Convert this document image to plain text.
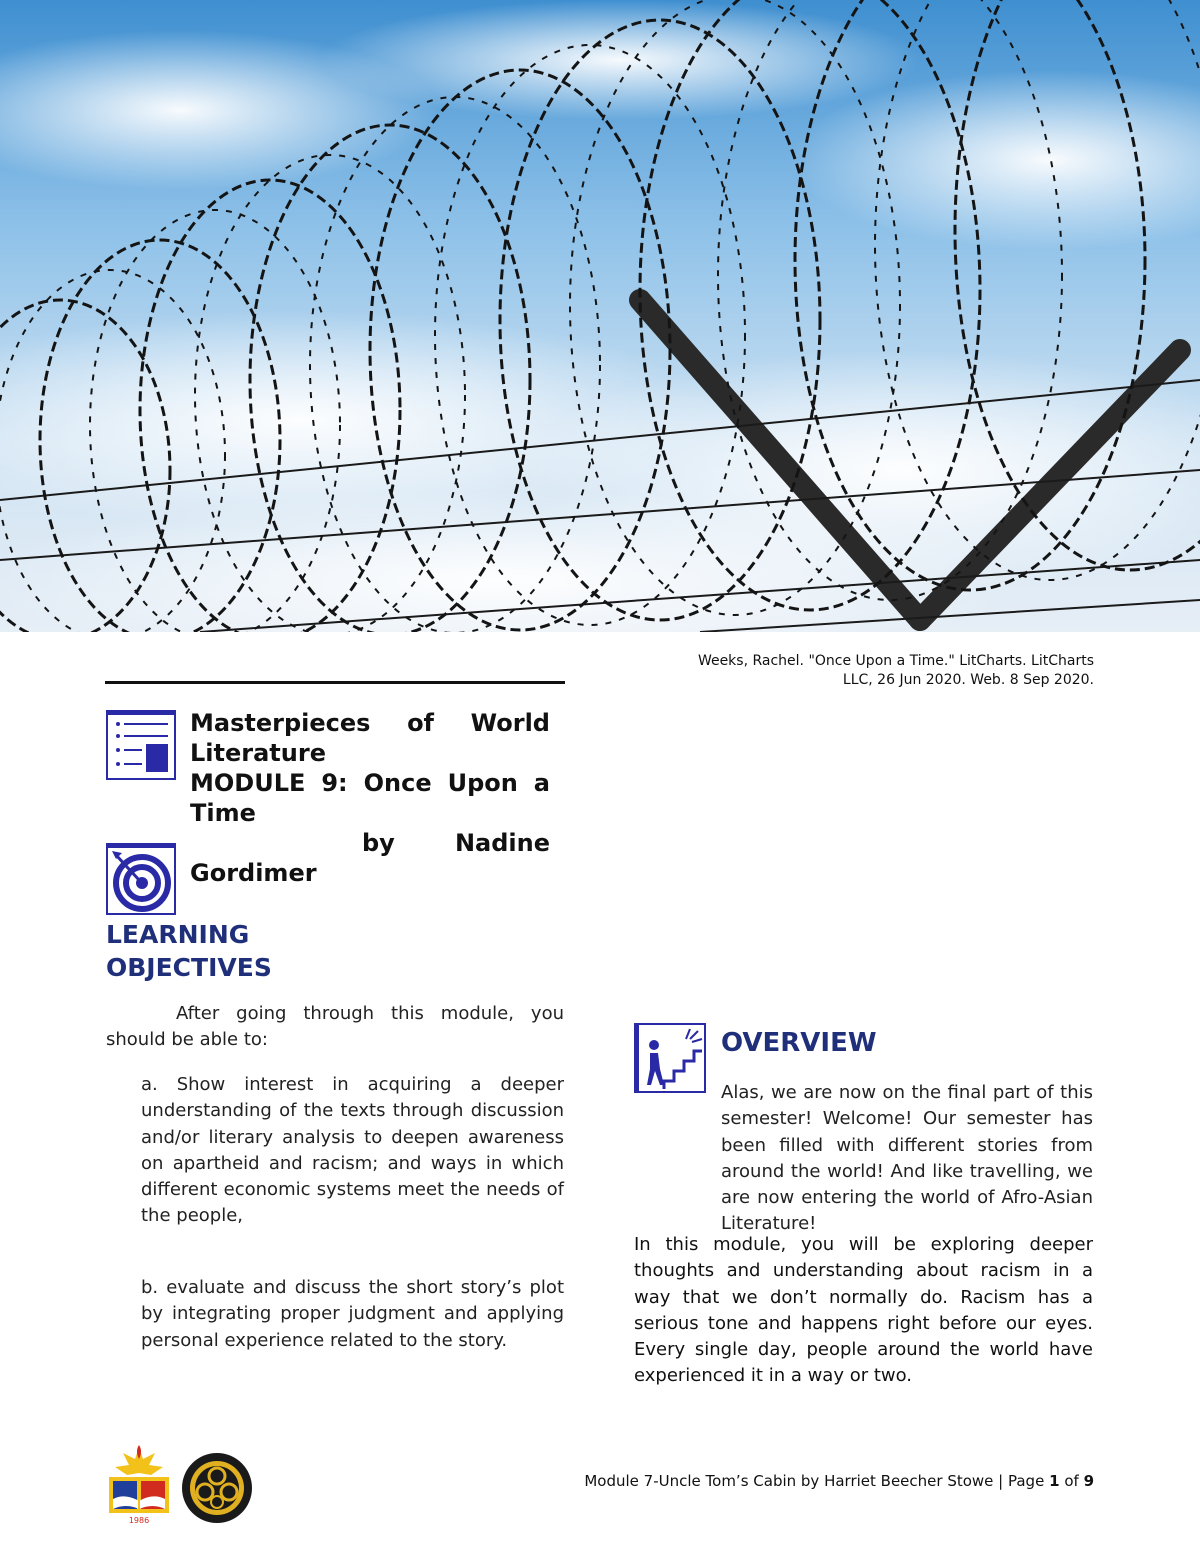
Weeks, Rachel. "Once Upon a Time." LitCharts. LitCharts
LLC, 26 Jun 2020. Web. 8 Sep 2020.
Masterpieces of World Literature
MODULE 9: Once Upon a Time
by	Nadine
Gordimer
LEARNING
OBJECTIVES
After going through this module, you should be able to:
a. Show interest in acquiring a deeper understanding of the texts through discussion and/or literary analysis to deepen awareness on apartheid and racism; and ways in which different economic systems meet the needs of the people,
b. evaluate and discuss the short story’s plot by integrating proper judgment and applying personal experience related to the story.
OVERVIEW
Alas, we are now on the final part of this semester! Welcome! Our semester has been filled with different stories from around the world! And like travelling, we are now entering the world of Afro-Asian Literature!
In this module, you will be exploring deeper thoughts and understanding about racism in a way that we don’t normally do. Racism has a serious tone and happens right before our eyes. Every single day, people around the world have experienced it in a way or two.
1986
Module 7-Uncle Tom’s Cabin by Harriet Beecher Stowe | Page 1 of 9
